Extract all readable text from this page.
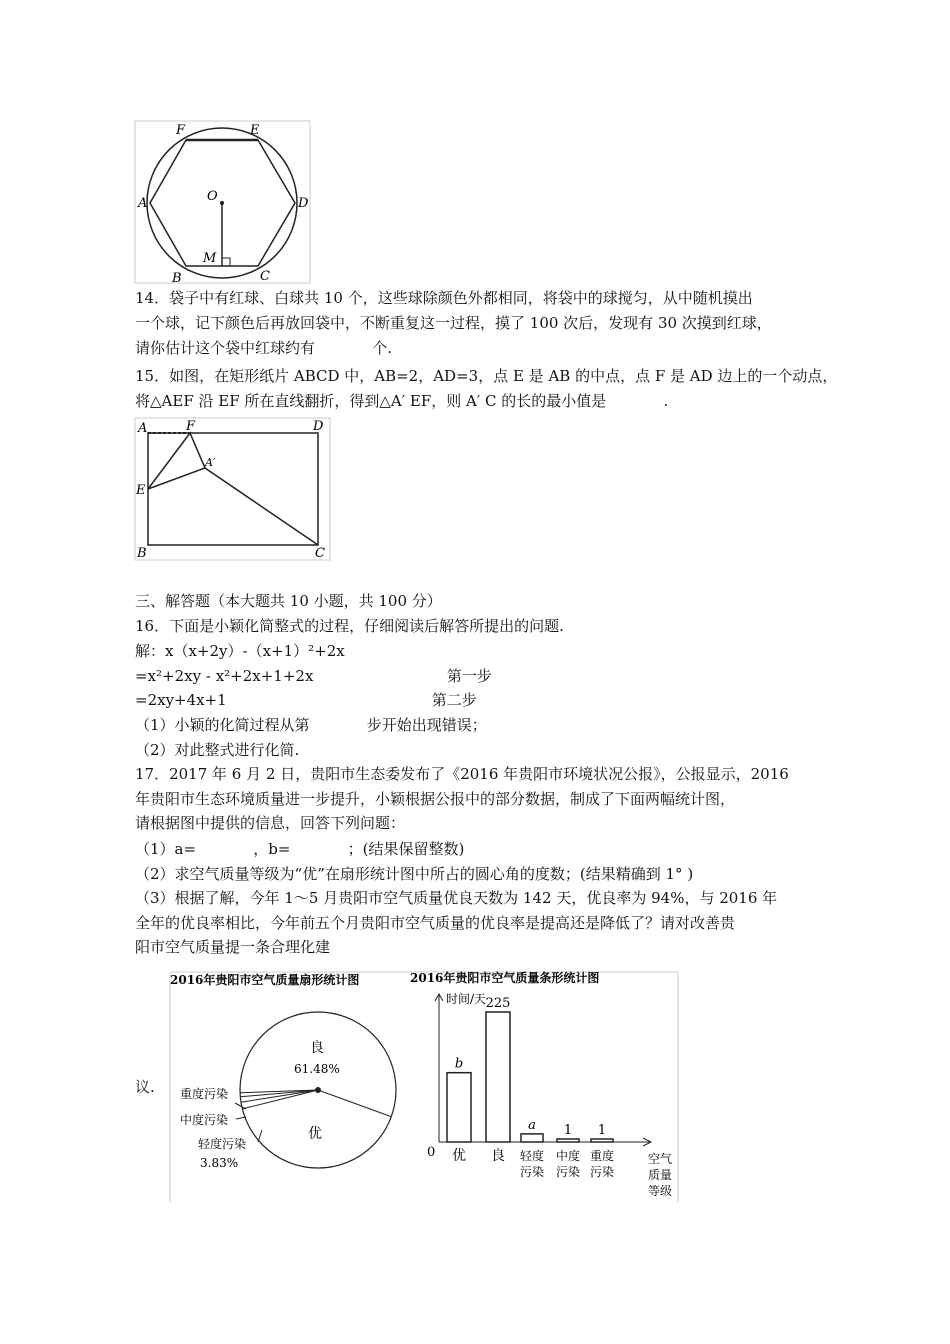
A
B	C
D
E
F
O
M
14．袋子中有红球、白球共 10 个，这些球除颜色外都相同，将袋中的球搅匀，从中随机摸出
一个球，记下颜色后再放回袋中，不断重复这一过程，摸了 100 次后，发现有 30 次摸到红球，
请你估计这个袋中红球约有            个.
15．如图，在矩形纸片 ABCD 中，AB=2，AD=3，点 E 是 AB 的中点，点 F 是 AD 边上的一个动点，
将△AEF 沿 EF 所在直线翻折，得到△A′ EF，则 A′ C 的长的最小值是            .
A
B	C
D
E
F
A′
三、解答题（本大题共 10 小题，共 100 分）
16．下面是小颖化简整式的过程，仔细阅读后解答所提出的问题.
解：x（x+2y）-（x+1）²+2x
=x²+2xy - x²+2x+1+2x                            第一步
=2xy+4x+1                                           第二步
（1）小颖的化简过程从第            步开始出现错误；
（2）对此整式进行化简.
17．2017 年 6 月 2 日，贵阳市生态委发布了《2016 年贵阳市环境状况公报》，公报显示，2016
年贵阳市生态环境质量进一步提升，小颖根据公报中的部分数据，制成了下面两幅统计图，
请根据图中提供的信息，回答下列问题：
（1）a=            ，b=            ；(结果保留整数)
（2）求空气质量等级为“优”在扇形统计图中所占的圆心角的度数；(结果精确到 1° )
（3）根据了解，今年 1～5 月贵阳市空气质量优良天数为 142 天，优良率为 94%，与 2016 年
全年的优良率相比，今年前五个月贵阳市空气质量的优良率是提高还是降低了？请对改善贵
阳市空气质量提一条合理化建
议.
2016年贵阳市空气质量扇形统计图	2016年贵阳市空气质量条形统计图
良
61.48%
优
重度污染
中度污染
轻度污染
3.83%
时间/天
0
b
225
a 1 1
优 良 轻度
污染
中度
污染
重度
污染
空气
质量
等级
